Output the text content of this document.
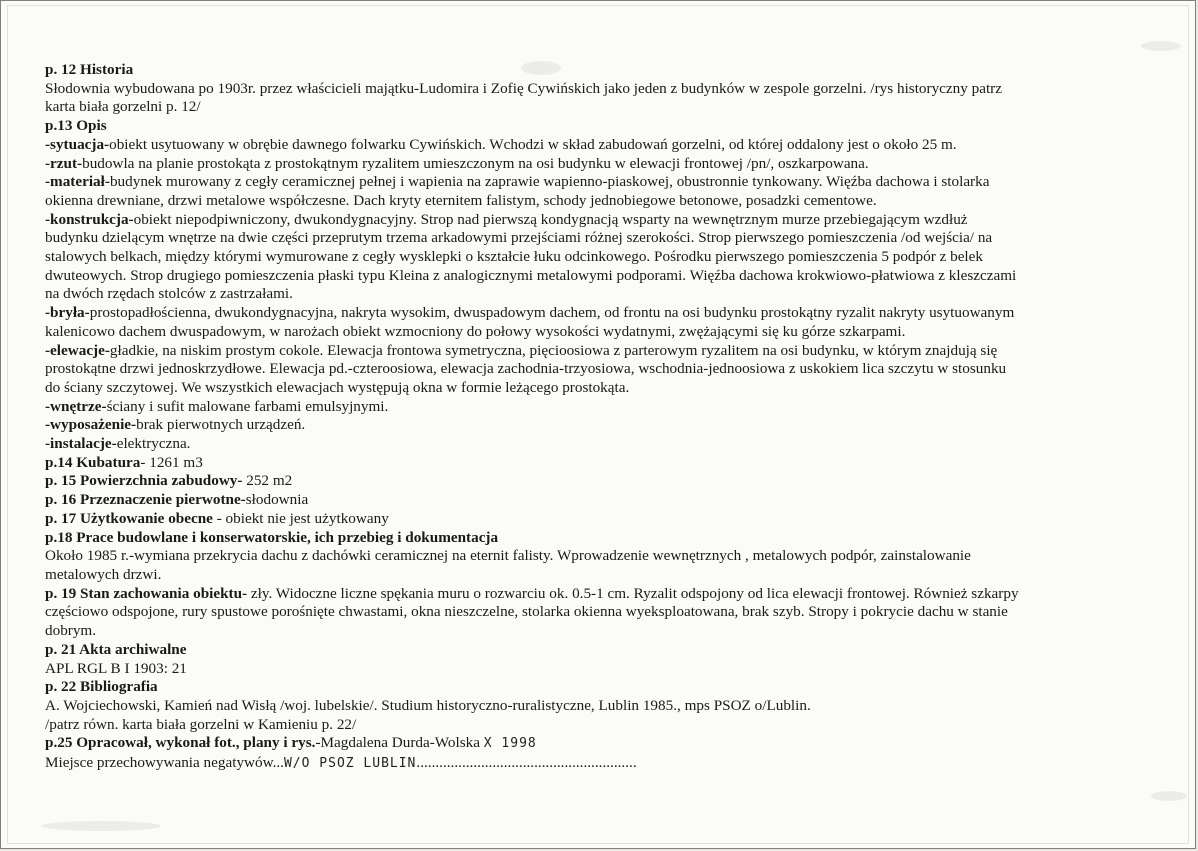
p. 12 Historia
Słodownia wybudowana po 1903r. przez właścicieli majątku-Ludomira i Zofię Cywińskich jako jeden z budynków w zespole gorzelni. /rys historyczny patrz
karta biała gorzelni p. 12/
p.13 Opis
-sytuacja-obiekt usytuowany w obrębie dawnego folwarku Cywińskich. Wchodzi w skład zabudowań gorzelni, od której oddalony jest o około 25 m.
-rzut-budowla na planie prostokąta z prostokątnym ryzalitem umieszczonym na osi budynku w elewacji frontowej /pn/, oszkarpowana.
-materiał-budynek murowany z cegły ceramicznej pełnej i wapienia na zaprawie wapienno-piaskowej, obustronnie tynkowany. Więźba dachowa i stolarka
okienna drewniane, drzwi metalowe współczesne. Dach kryty eternitem falistym, schody jednobiegowe betonowe, posadzki cementowe.
-konstrukcja-obiekt niepodpiwniczony, dwukondygnacyjny. Strop nad pierwszą kondygnacją wsparty na wewnętrznym murze przebiegającym wzdłuż
budynku dzielącym wnętrze na dwie części przeprutym trzema arkadowymi przejściami różnej szerokości. Strop pierwszego pomieszczenia /od wejścia/ na
stalowych belkach, między którymi wymurowane z cegły wysklepki o kształcie łuku odcinkowego. Pośrodku pierwszego pomieszczenia 5 podpór z belek
dwuteowych. Strop drugiego pomieszczenia płaski typu Kleina z analogicznymi metalowymi podporami. Więźba dachowa krokwiowo-płatwiowa z kleszczami
na dwóch rzędach stolców z zastrzałami.
-bryła-prostopadłościenna, dwukondygnacyjna, nakryta wysokim, dwuspadowym dachem, od frontu na osi budynku prostokątny ryzalit nakryty usytuowanym
kalenicowo dachem dwuspadowym, w narożach obiekt wzmocniony do połowy wysokości wydatnymi, zwężającymi się ku górze szkarpami.
-elewacje-gładkie, na niskim prostym cokole. Elewacja frontowa symetryczna, pięcioosiowa z parterowym ryzalitem na osi budynku, w którym znajdują się
prostokątne drzwi jednoskrzydłowe. Elewacja pd.-czteroosiowa, elewacja zachodnia-trzyosiowa, wschodnia-jednoosiowa z uskokiem lica szczytu w stosunku
do ściany szczytowej. We wszystkich elewacjach występują okna w formie leżącego prostokąta.
-wnętrze-ściany i sufit malowane farbami emulsyjnymi.
-wyposażenie-brak pierwotnych urządzeń.
-instalacje-elektryczna.
p.14 Kubatura- 1261 m3
p. 15 Powierzchnia zabudowy- 252 m2
p. 16 Przeznaczenie pierwotne-słodownia
p. 17 Użytkowanie obecne - obiekt nie jest użytkowany
p.18 Prace budowlane i konserwatorskie, ich przebieg i dokumentacja
Około 1985 r.-wymiana przekrycia dachu z dachówki ceramicznej na eternit falisty. Wprowadzenie wewnętrznych , metalowych podpór, zainstalowanie
metalowych drzwi.
p. 19 Stan zachowania obiektu- zły. Widoczne liczne spękania muru o rozwarciu ok. 0.5-1 cm. Ryzalit odspojony od lica elewacji frontowej. Również szkarpy
częściowo odspojone, rury spustowe porośnięte chwastami, okna nieszczelne, stolarka okienna wyeksploatowana, brak szyb. Stropy i pokrycie dachu w stanie
dobrym.
p. 21 Akta archiwalne
APL RGL B I 1903: 21
p. 22 Bibliografia
A. Wojciechowski, Kamień nad Wisłą /woj. lubelskie/. Studium historyczno-ruralistyczne, Lublin 1985., mps PSOZ o/Lublin.
/patrz równ. karta biała gorzelni w Kamieniu p. 22/
p.25 Opracował, wykonał fot., plany i rys.-Magdalena Durda-Wolska X 1998
Miejsce przechowywania negatywów...W/O PSOZ LUBLIN..........................................................
